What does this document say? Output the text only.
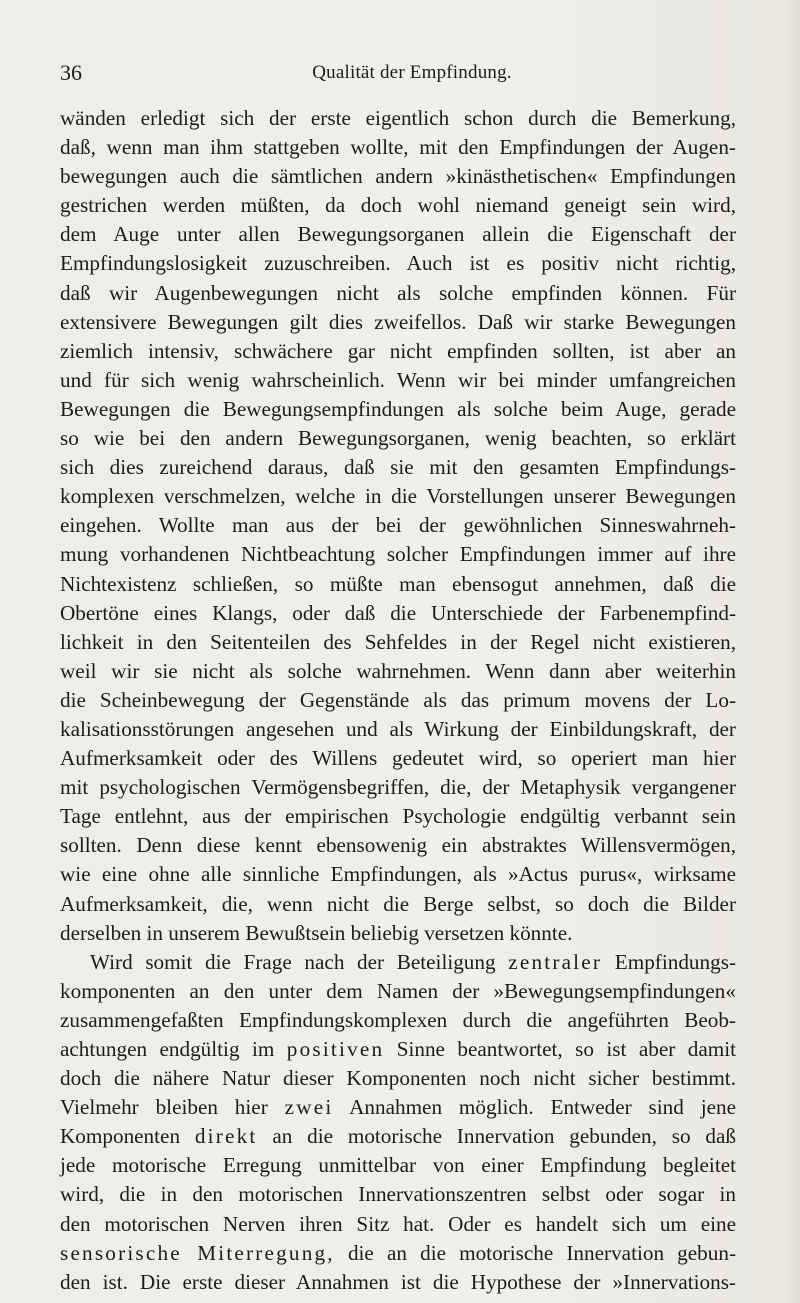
36	Qualität der Empfindung.
wänden erledigt sich der erste eigentlich schon durch die Bemerkung,
daß, wenn man ihm stattgeben wollte, mit den Empfindungen der Augen-
bewegungen auch die sämtlichen andern »kinästhetischen« Empfindungen
gestrichen werden müßten, da doch wohl niemand geneigt sein wird,
dem Auge unter allen Bewegungsorganen allein die Eigenschaft der
Empfindungslosigkeit zuzuschreiben. Auch ist es positiv nicht richtig,
daß wir Augenbewegungen nicht als solche empfinden können. Für
extensivere Bewegungen gilt dies zweifellos. Daß wir starke Bewegungen
ziemlich intensiv, schwächere gar nicht empfinden sollten, ist aber an
und für sich wenig wahrscheinlich. Wenn wir bei minder umfangreichen
Bewegungen die Bewegungsempfindungen als solche beim Auge, gerade
so wie bei den andern Bewegungsorganen, wenig beachten, so erklärt
sich dies zureichend daraus, daß sie mit den gesamten Empfindungs-
komplexen verschmelzen, welche in die Vorstellungen unserer Bewegungen
eingehen. Wollte man aus der bei der gewöhnlichen Sinneswahrneh-
mung vorhandenen Nichtbeachtung solcher Empfindungen immer auf ihre
Nichtexistenz schließen, so müßte man ebensogut annehmen, daß die
Obertöne eines Klangs, oder daß die Unterschiede der Farbenempfind-
lichkeit in den Seitenteilen des Sehfeldes in der Regel nicht existieren,
weil wir sie nicht als solche wahrnehmen. Wenn dann aber weiterhin
die Scheinbewegung der Gegenstände als das primum movens der Lo-
kalisationsstörungen angesehen und als Wirkung der Einbildungskraft, der
Aufmerksamkeit oder des Willens gedeutet wird, so operiert man hier
mit psychologischen Vermögensbegriffen, die, der Metaphysik vergangener
Tage entlehnt, aus der empirischen Psychologie endgültig verbannt sein
sollten. Denn diese kennt ebensowenig ein abstraktes Willensvermögen,
wie eine ohne alle sinnliche Empfindungen, als »Actus purus«, wirksame
Aufmerksamkeit, die, wenn nicht die Berge selbst, so doch die Bilder
derselben in unserem Bewußtsein beliebig versetzen könnte.
Wird somit die Frage nach der Beteiligung zentraler Empfindungs-
komponenten an den unter dem Namen der »Bewegungsempfindungen«
zusammengefaßten Empfindungskomplexen durch die angeführten Beob-
achtungen endgültig im positiven Sinne beantwortet, so ist aber damit
doch die nähere Natur dieser Komponenten noch nicht sicher bestimmt.
Vielmehr bleiben hier zwei Annahmen möglich. Entweder sind jene
Komponenten direkt an die motorische Innervation gebunden, so daß
jede motorische Erregung unmittelbar von einer Empfindung begleitet
wird, die in den motorischen Innervationszentren selbst oder sogar in
den motorischen Nerven ihren Sitz hat. Oder es handelt sich um eine
sensorische Miterregung, die an die motorische Innervation gebun-
den ist. Die erste dieser Annahmen ist die Hypothese der »Innervations-
